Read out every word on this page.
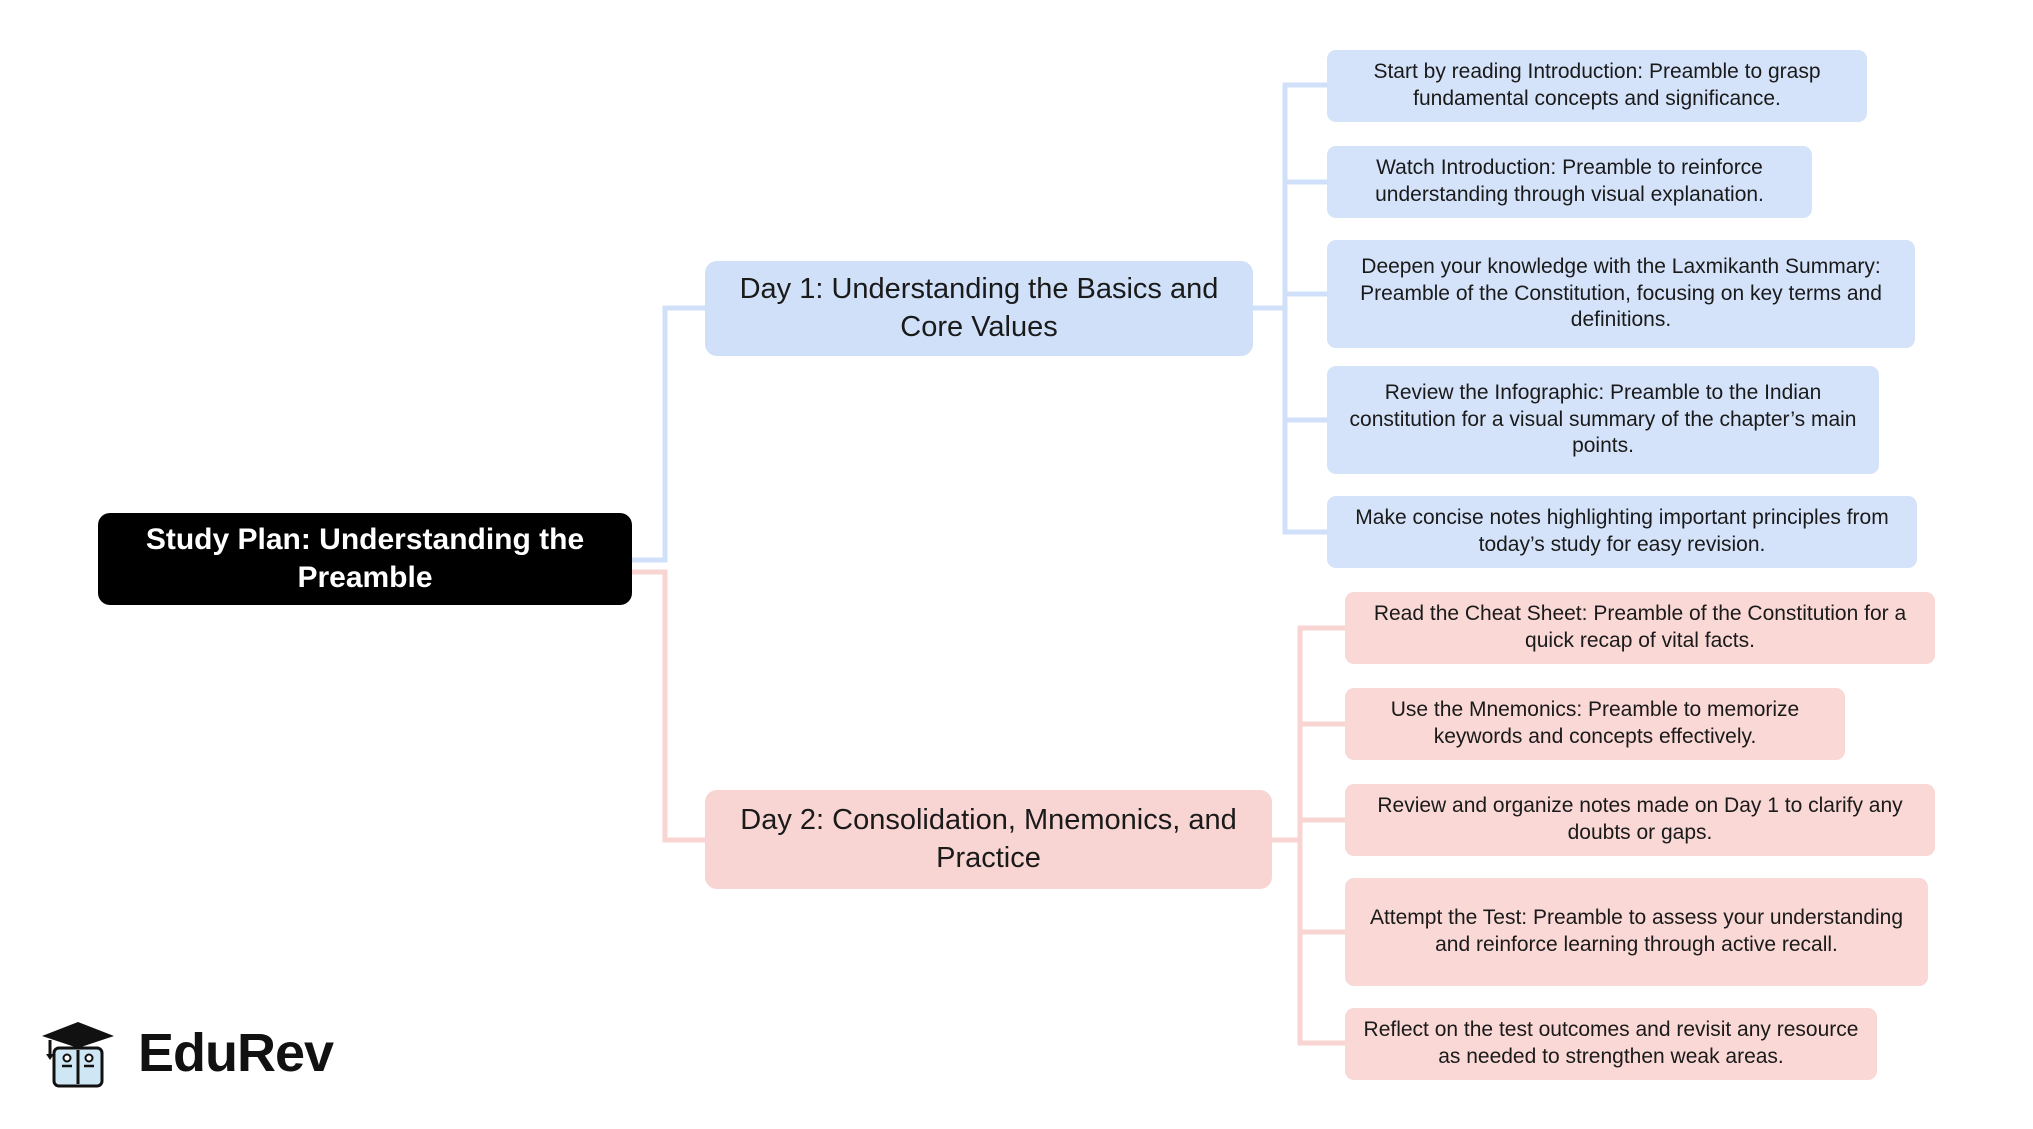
Study Plan: Understanding the Preamble
Day 1: Understanding the Basics and Core Values
Start by reading Introduction: Preamble to grasp fundamental concepts and significance.
Watch Introduction: Preamble to reinforce understanding through visual explanation.
Deepen your knowledge with the Laxmikanth Summary: Preamble of the Constitution, focusing on key terms and definitions.
Review the Infographic: Preamble to the Indian constitution for a visual summary of the chapter’s main points.
Make concise notes highlighting important principles from today’s study for easy revision.
Day 2: Consolidation, Mnemonics, and Practice
Read the Cheat Sheet: Preamble of the Constitution for a quick recap of vital facts.
Use the Mnemonics: Preamble to memorize keywords and concepts effectively.
Review and organize notes made on Day 1 to clarify any doubts or gaps.
Attempt the Test: Preamble to assess your understanding and reinforce learning through active recall.
Reflect on the test outcomes and revisit any resource as needed to strengthen weak areas.
EduRev
